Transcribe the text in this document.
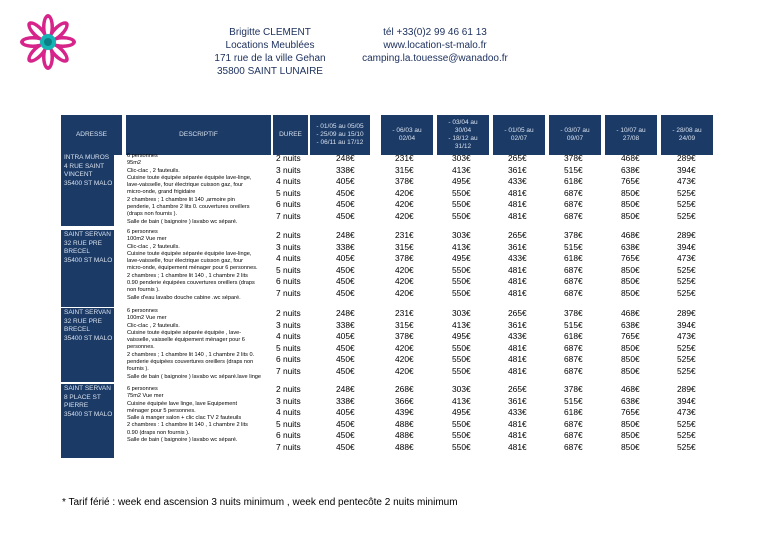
Brigitte CLEMENT
Locations Meublées
171 rue de la ville Gehan
35800 SAINT LUNAIRE
tél +33(0)2 99 46 61 13
www.location-st-malo.fr
camping.la.touesse@wanadoo.fr
ADRESSE	DESCRIPTIF	DUREE
- 01/05 au 05/05
- 25/09 au 15/10
- 06/11 au 17/12
- 06/03 au
02/04
- 03/04 au
30/04
- 18/12 au
31/12
- 01/05 au
02/07
- 03/07 au
09/07
- 10/07 au
27/08
- 28/08 au
24/09
INTRA MUROS
4 RUE SAINT
VINCENT
35400 ST MALO
6 personnes
95m2
Clic-clac , 2 fauteuils.
Cuisine toute équipée séparée équipée lave-linge,
lave-vaisselle, four électrique cuisson gaz, four
micro-onde, grand frigidaire
2 chambres ; 1 chambre lit 140 ,armoire pin
penderie, 1 chambre 2 lits 0. couvertures oreillers
(draps non fournis ).
Salle de bain ( baignoire ) lavabo wc séparé.
2 nuits
3 nuits
4 nuits
5 nuits
6 nuits
7 nuits
248€
338€
405€
450€
450€
450€
231€
315€
378€
420€
420€
420€
303€
413€
495€
550€
550€
550€
265€
361€
433€
481€
481€
481€
378€
515€
618€
687€
687€
687€
468€
638€
765€
850€
850€
850€
289€
394€
473€
525€
525€
525€
SAINT SERVAN
32 RUE PRE
BRECEL
35400 ST MALO
6 personnes
100m2 Vue mer
Clic-clac , 2 fauteuils.
Cuisine toute équipée séparée équipée lave-linge,
lave-vaisselle, four électrique cuisson gaz, four
micro-onde, équipement ménager pour 6 personnes.
2 chambres ; 1 chambre lit 140 , 1 chambre 2 lits
0.90 penderie équipées couvertures oreillers (draps
non fournis ).
Salle d'eau lavabo douche cabine .wc séparé.
2 nuits
3 nuits
4 nuits
5 nuits
6 nuits
7 nuits
248€
338€
405€
450€
450€
450€
231€
315€
378€
420€
420€
420€
303€
413€
495€
550€
550€
550€
265€
361€
433€
481€
481€
481€
378€
515€
618€
687€
687€
687€
468€
638€
765€
850€
850€
850€
289€
394€
473€
525€
525€
525€
SAINT SERVAN
32 RUE PRE
BRECEL
35400 ST MALO
6 personnes
100m2 Vue mer
Clic-clac , 2 fauteuils.
Cuisine toute équipée séparée équipée , lave-
vaisselle, vaisselle équipement ménager pour 6
personnes.
2 chambres ; 1 chambre lit 140 , 1 chambre 2 lits 0.
penderie équipées couvertures oreillers (draps non
fournis ).
Salle de bain ( baignoire ) lavabo wc séparé.lave linge
2 nuits
3 nuits
4 nuits
5 nuits
6 nuits
7 nuits
248€
338€
405€
450€
450€
450€
231€
315€
378€
420€
420€
420€
303€
413€
495€
550€
550€
550€
265€
361€
433€
481€
481€
481€
378€
515€
618€
687€
687€
687€
468€
638€
765€
850€
850€
850€
289€
394€
473€
525€
525€
525€
SAINT SERVAN
8 PLACE ST
PIERRE
35400 ST MALO
6 personnes
75m2 Vue mer
Cuisine équipée lave linge, lave Equipement
ménager pour 5 personnes.
Salle à manger salon + clic clac TV 2 fauteuils
2 chambres : 1 chambre lit 140 , 1 chambre 2 lits
0.90 (draps non fournis ).
Salle de bain ( baignoire ) lavabo wc séparé.
2 nuits
3 nuits
4 nuits
5 nuits
6 nuits
7 nuits
248€
338€
405€
450€
450€
450€
268€
366€
439€
488€
488€
488€
303€
413€
495€
550€
550€
550€
265€
361€
433€
481€
481€
481€
378€
515€
618€
687€
687€
687€
468€
638€
765€
850€
850€
850€
289€
394€
473€
525€
525€
525€
* Tarif férié : week end ascension 3 nuits minimum , week end pentecôte 2 nuits minimum
